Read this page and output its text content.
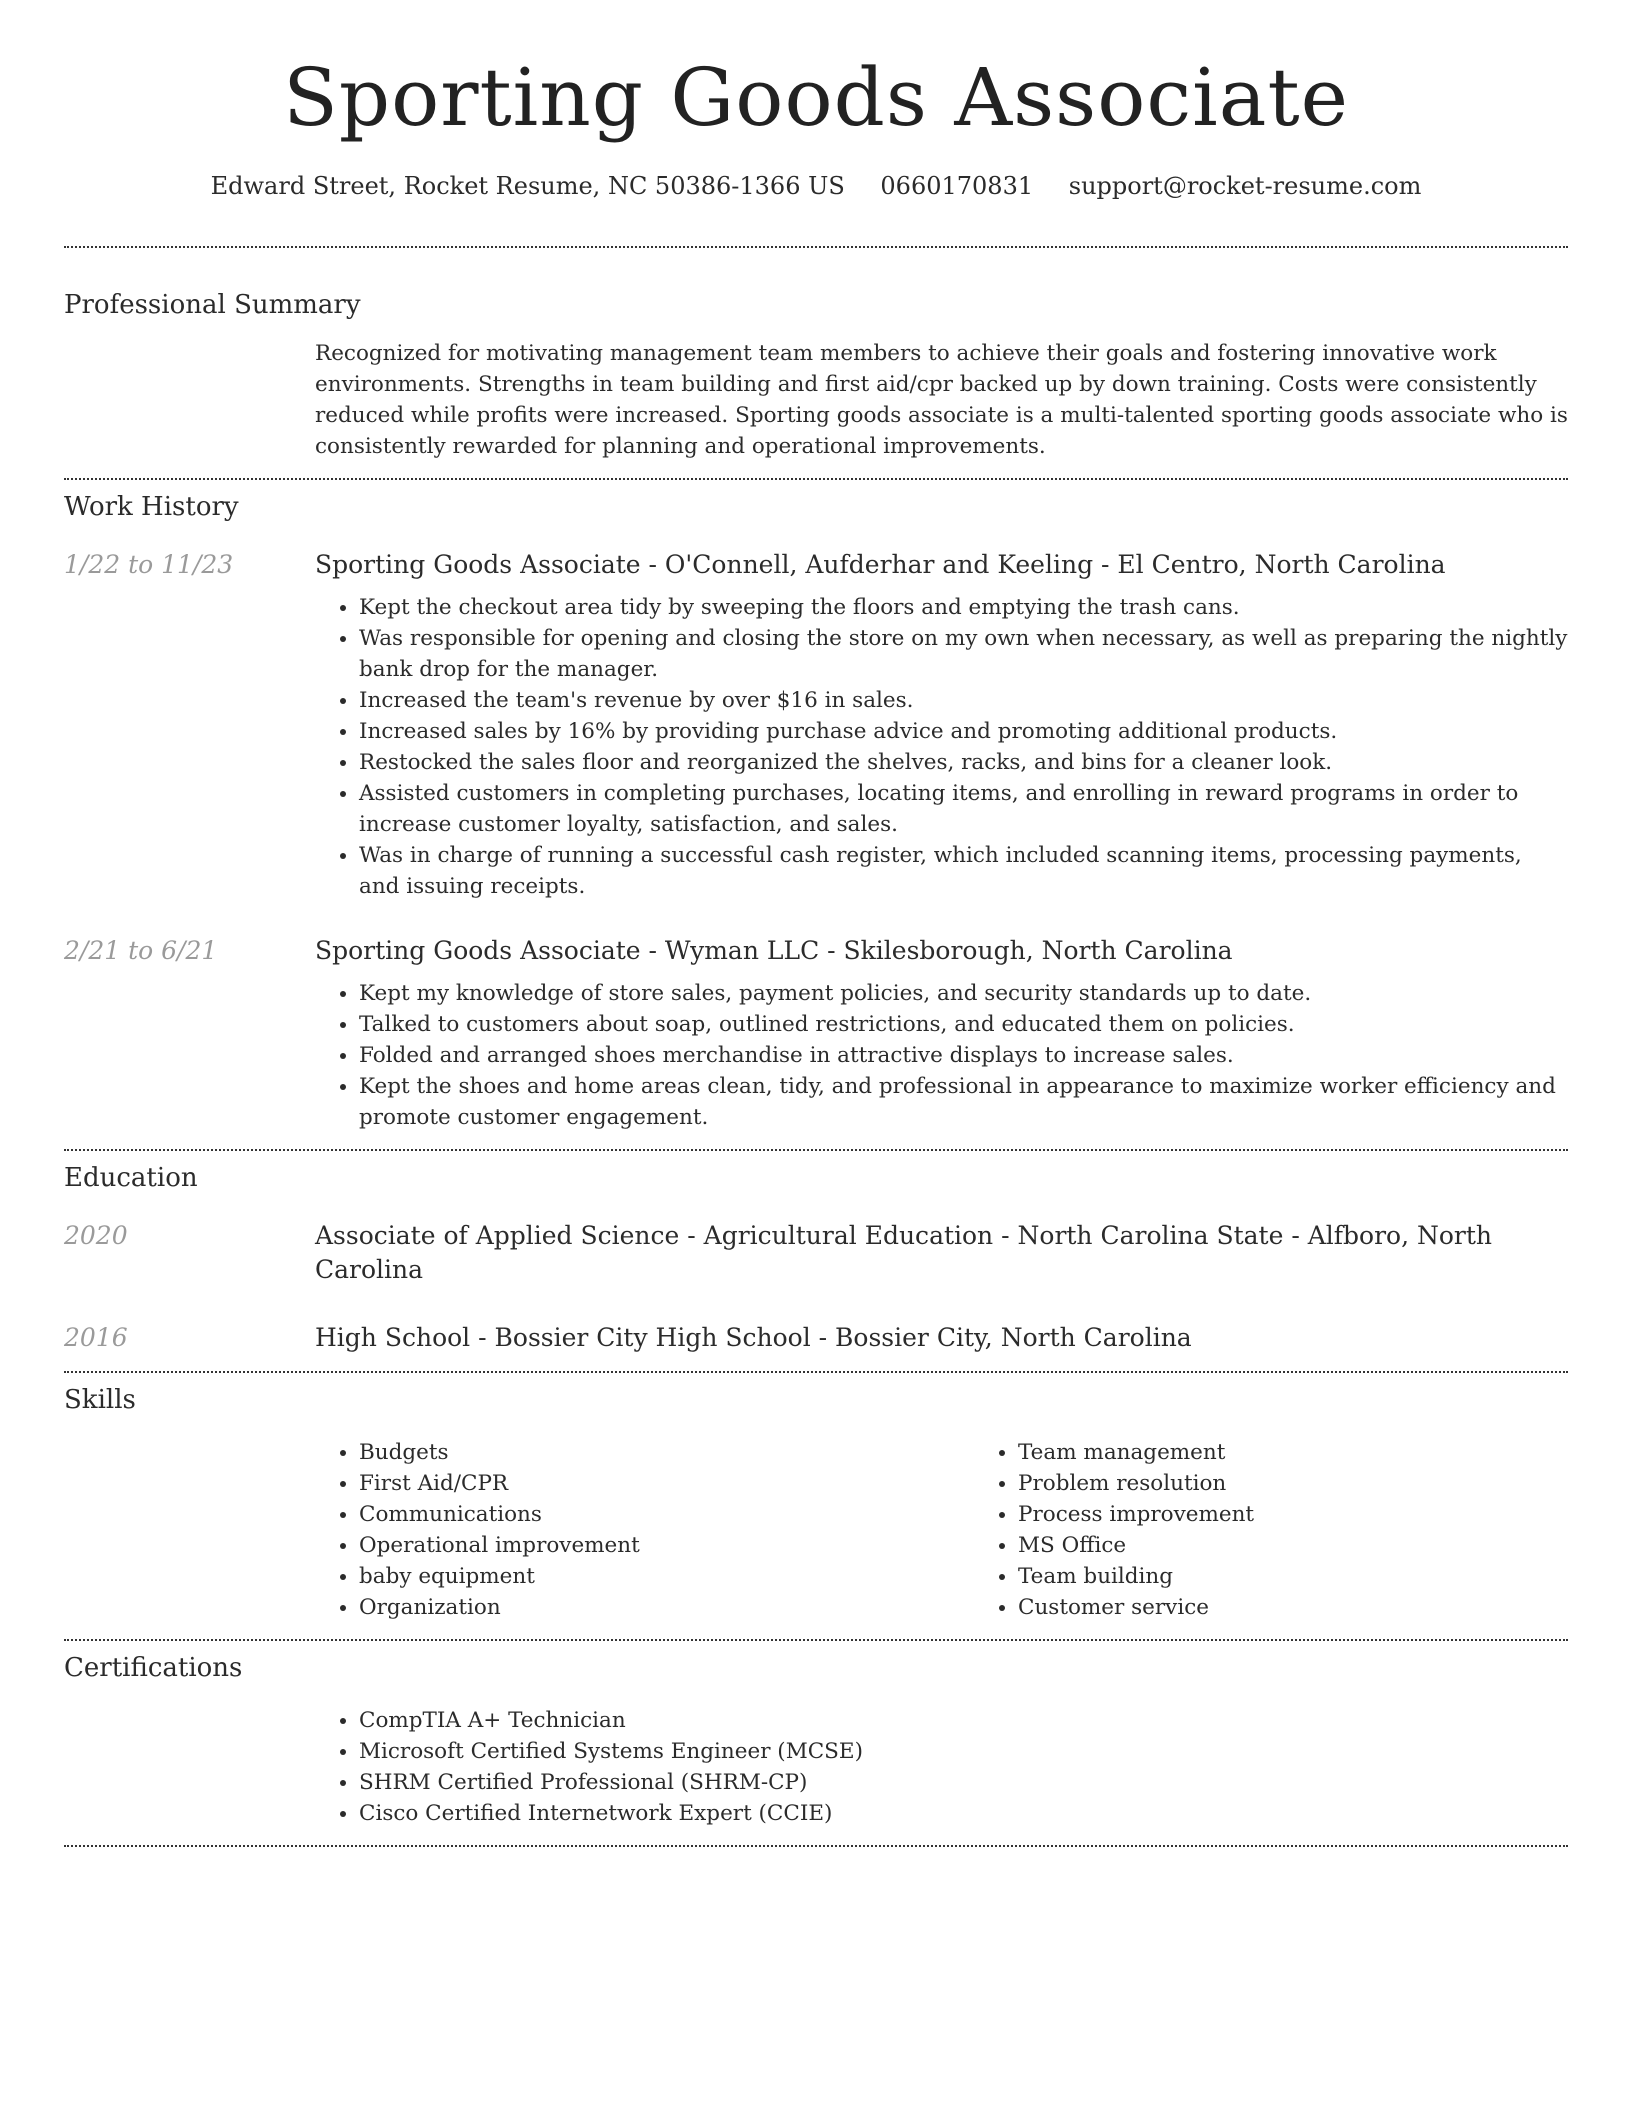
Sporting Goods Associate
Edward Street, Rocket Resume, NC 50386-1366 US 0660170831 support@rocket-resume.com
Professional Summary
Recognized for motivating management team members to achieve their goals and fostering innovative work environments. Strengths in team building and first aid/cpr backed up by down training. Costs were consistently reduced while profits were increased. Sporting goods associate is a multi-talented sporting goods associate who is consistently rewarded for planning and operational improvements.
Work History
1/22 to 11/23	Sporting Goods Associate - O'Connell, Aufderhar and Keeling - El Centro, North Carolina
• Kept the checkout area tidy by sweeping the floors and emptying the trash cans.
• Was responsible for opening and closing the store on my own when necessary, as well as preparing the nightly bank drop for the manager.
• Increased the team's revenue by over $16 in sales.
• Increased sales by 16% by providing purchase advice and promoting additional products.
• Restocked the sales floor and reorganized the shelves, racks, and bins for a cleaner look.
• Assisted customers in completing purchases, locating items, and enrolling in reward programs in order to increase customer loyalty, satisfaction, and sales.
• Was in charge of running a successful cash register, which included scanning items, processing payments, and issuing receipts.
2/21 to 6/21	Sporting Goods Associate - Wyman LLC - Skilesborough, North Carolina
• Kept my knowledge of store sales, payment policies, and security standards up to date.
• Talked to customers about soap, outlined restrictions, and educated them on policies.
• Folded and arranged shoes merchandise in attractive displays to increase sales.
• Kept the shoes and home areas clean, tidy, and professional in appearance to maximize worker efficiency and promote customer engagement.
Education
2020	Associate of Applied Science - Agricultural Education - North Carolina State - Alfboro, North Carolina
2016	High School - Bossier City High School - Bossier City, North Carolina
Skills
• Budgets
• First Aid/CPR
• Communications
• Operational improvement
• baby equipment
• Organization
• Team management
• Problem resolution
• Process improvement
• MS Office
• Team building
• Customer service
Certifications
• CompTIA A+ Technician
• Microsoft Certified Systems Engineer (MCSE)
• SHRM Certified Professional (SHRM-CP)
• Cisco Certified Internetwork Expert (CCIE)
